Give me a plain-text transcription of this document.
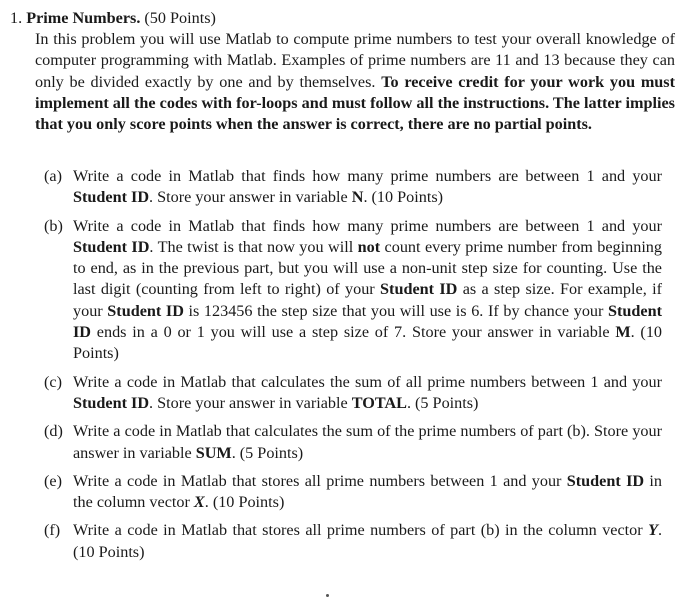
1. Prime Numbers. (50 Points)
In this problem you will use Matlab to compute prime numbers to test your overall knowledge of computer programming with Matlab. Examples of prime numbers are 11 and 13 because they can only be divided exactly by one and by themselves. To receive credit for your work you must implement all the codes with for-loops and must follow all the instructions. The latter implies that you only score points when the answer is correct, there are no partial points.
(a) Write a code in Matlab that finds how many prime numbers are between 1 and your Student ID. Store your answer in variable N. (10 Points)
(b) Write a code in Matlab that finds how many prime numbers are between 1 and your Student ID. The twist is that now you will not count every prime number from beginning to end, as in the previous part, but you will use a non-unit step size for counting. Use the last digit (counting from left to right) of your Student ID as a step size. For example, if your Student ID is 123456 the step size that you will use is 6. If by chance your Student ID ends in a 0 or 1 you will use a step size of 7. Store your answer in variable M. (10 Points)
(c) Write a code in Matlab that calculates the sum of all prime numbers between 1 and your Student ID. Store your answer in variable TOTAL. (5 Points)
(d) Write a code in Matlab that calculates the sum of the prime numbers of part (b). Store your answer in variable SUM. (5 Points)
(e) Write a code in Matlab that stores all prime numbers between 1 and your Student ID in the column vector X. (10 Points)
(f) Write a code in Matlab that stores all prime numbers of part (b) in the column vector Y. (10 Points)
